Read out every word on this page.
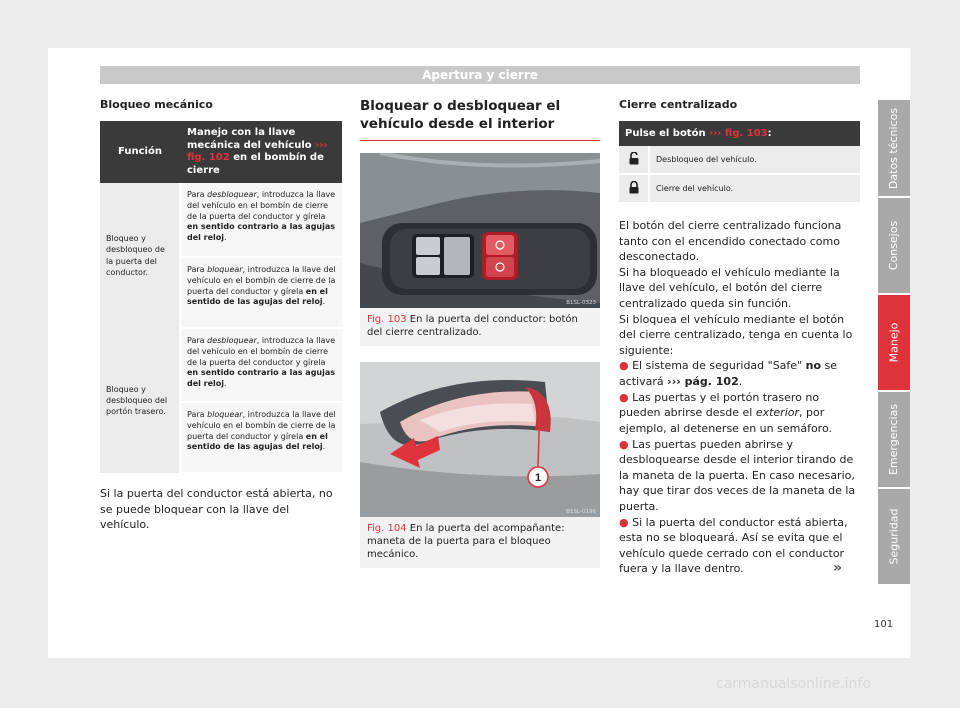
Apertura y cierre
Bloqueo mecánico
Función	Manejo con la llave mecánica del vehículo ››› fig. 102 en el bombín de cierre
Bloqueo y desbloqueo de la puerta del conductor.	Para desbloquear, introduzca la llave del vehículo en el bombín de cierre de la puerta del conductor y gírela en sentido contrario a las agujas del reloj.
	Para bloquear, introduzca la llave del vehículo en el bombín de cierre de la puerta del conductor y gírela en el sentido de las agujas del reloj.
Bloqueo y desbloqueo del portón trasero.	Para desbloquear, introduzca la llave del vehículo en el bombín de cierre de la puerta del conductor y gírela en sentido contrario a las agujas del reloj.
	Para bloquear, introduzca la llave del vehículo en el bombín de cierre de la puerta del conductor y gírela en el sentido de las agujas del reloj.

Si la puerta del conductor está abierta, no se puede bloquear con la llave del vehículo.

Bloquear o desbloquear el vehículo desde el interior
B1SL-0323

Fig. 103 En la puerta del conductor: botón del cierre centralizado.

1
B1SL-0196

Fig. 104 En la puerta del acompañante: maneta de la puerta para el bloqueo mecánico.

Cierre centralizado
Pulse el botón ››› fig. 103:	
	Desbloqueo del vehículo.
	Cierre del vehículo.

El botón del cierre centralizado funciona tanto con el encendido conectado como desconectado.

Si ha bloqueado el vehículo mediante la llave del vehículo, el botón del cierre centralizado queda sin función.

Si bloquea el vehículo mediante el botón del cierre centralizado, tenga en cuenta lo siguiente:

● El sistema de seguridad "Safe" no se activará ››› pág. 102.

● Las puertas y el portón trasero no pueden abrirse desde el exterior, por ejemplo, al detenerse en un semáforo.

● Las puertas pueden abrirse y desbloquearse desde el interior tirando de la maneta de la puerta. En caso necesario, hay que tirar dos veces de la maneta de la puerta.

● Si la puerta del conductor está abierta, esta no se bloqueará. Así se evita que el vehículo quede cerrado con el conductor fuera y la llave dentro.	»
Datos técnicos
Consejos
Manejo
Emergencias
Seguridad
101
carmanualsonline.info
